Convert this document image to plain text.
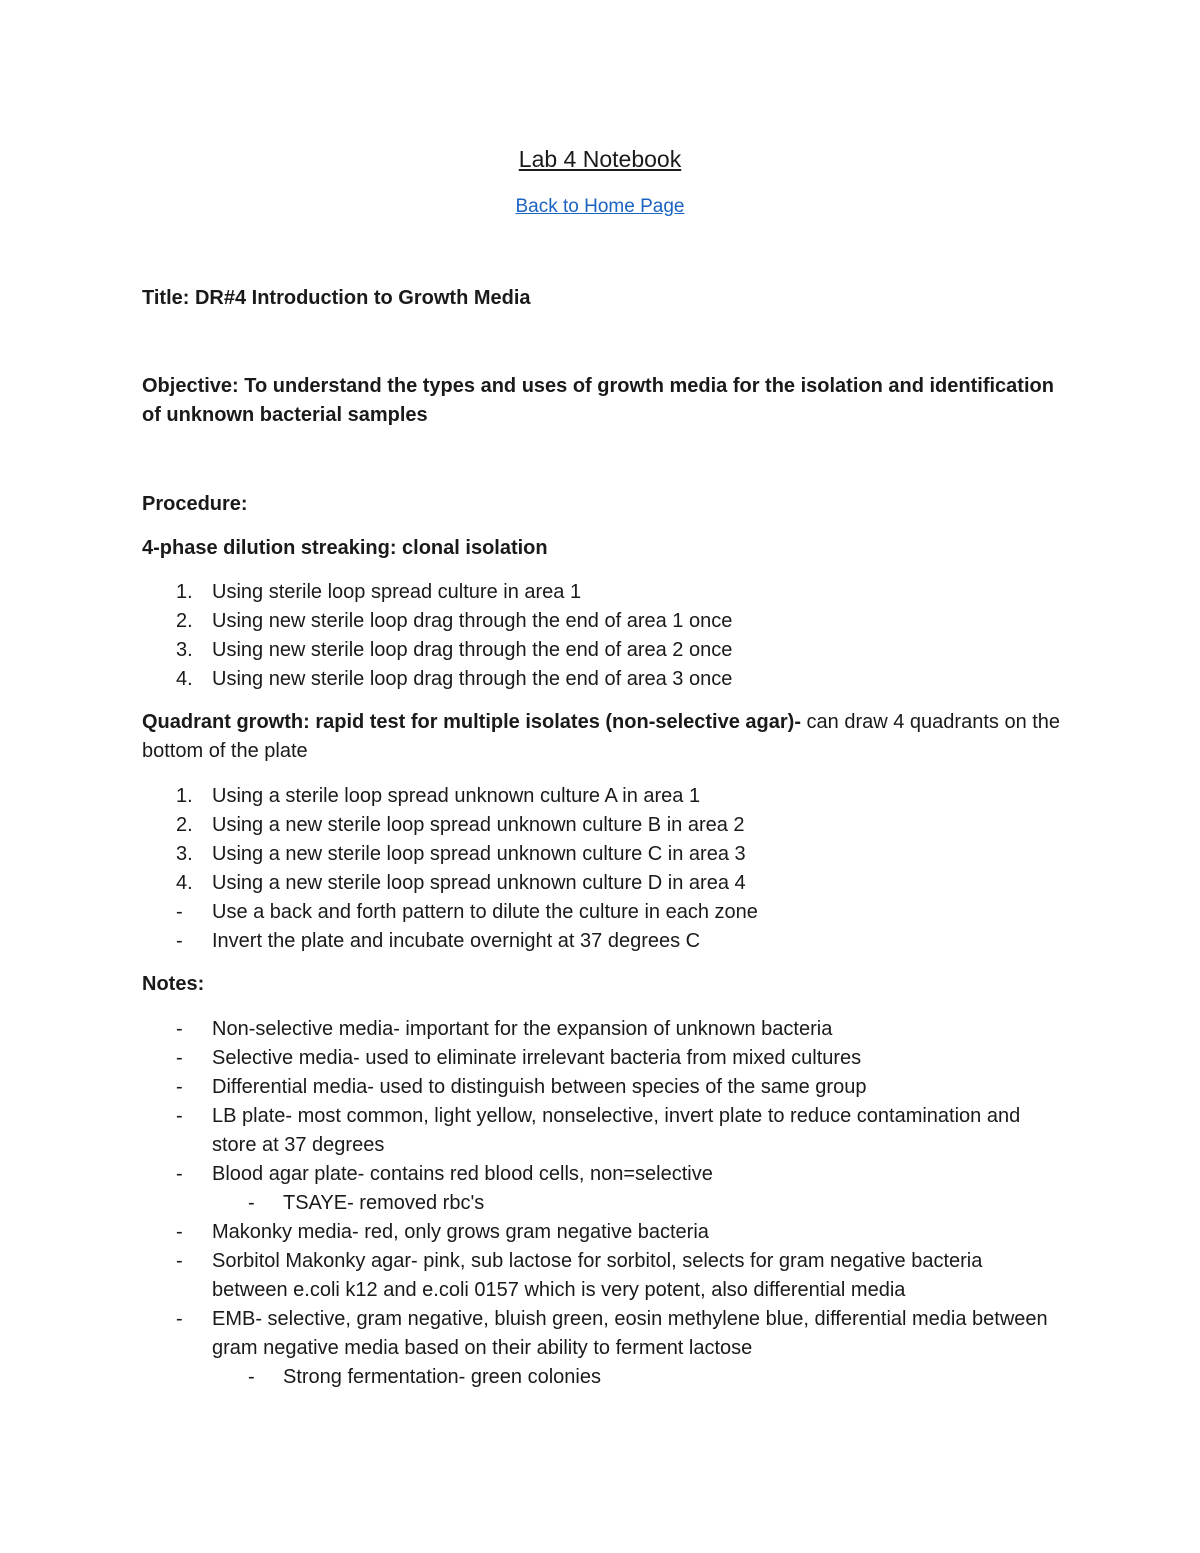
Lab 4 Notebook
Back to Home Page
Title: DR#4 Introduction to Growth Media
Objective: To understand the types and uses of growth media for the isolation and identification of unknown bacterial samples
Procedure:
4-phase dilution streaking: clonal isolation
1. Using sterile loop spread culture in area 1
2. Using new sterile loop drag through the end of area 1 once
3. Using new sterile loop drag through the end of area 2 once
4. Using new sterile loop drag through the end of area 3 once
Quadrant growth: rapid test for multiple isolates (non-selective agar)- can draw 4 quadrants on the bottom of the plate
1. Using a sterile loop spread unknown culture A in area 1
2. Using a new sterile loop spread unknown culture B in area 2
3. Using a new sterile loop spread unknown culture C in area 3
4. Using a new sterile loop spread unknown culture D in area 4
- Use a back and forth pattern to dilute the culture in each zone
- Invert the plate and incubate overnight at 37 degrees C
Notes:
- Non-selective media- important for the expansion of unknown bacteria
- Selective media- used to eliminate irrelevant bacteria from mixed cultures
- Differential media- used to distinguish between species of the same group
- LB plate- most common, light yellow, nonselective, invert plate to reduce contamination and store at 37 degrees
- Blood agar plate- contains red blood cells, non=selective
- TSAYE- removed rbc's
- Makonky media- red, only grows gram negative bacteria
- Sorbitol Makonky agar- pink, sub lactose for sorbitol, selects for gram negative bacteria between e.coli k12 and e.coli 0157 which is very potent, also differential media
- EMB- selective, gram negative, bluish green, eosin methylene blue, differential media between gram negative media based on their ability to ferment lactose
- Strong fermentation- green colonies
